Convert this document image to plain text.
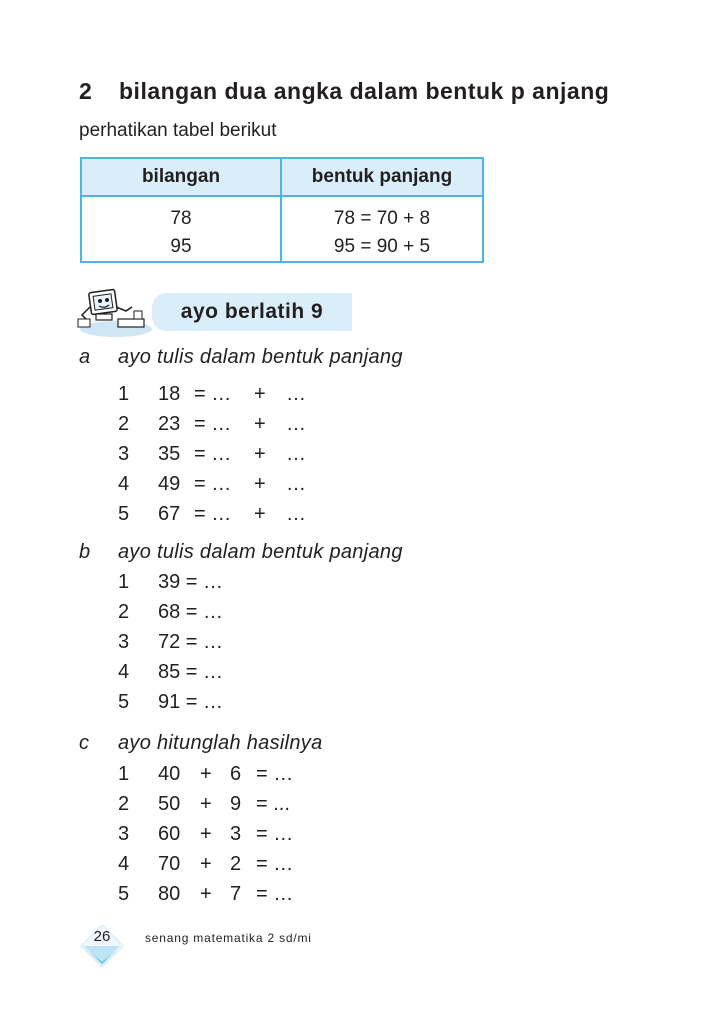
2 bilangan dua angka dalam bentuk p anjang
perhatikan tabel berikut
bilangan	bentuk panjang
78
95
78 = 70 + 8
95 = 90 + 5
ayo berlatih 9
a ayo tulis dalam bentuk panjang
1 18 = … + …
2 23 = … + …
3 35 = … + …
4 49 = … + …
5 67 = … + …
b ayo tulis dalam bentuk panjang
1 39 = …
2 68 = …
3 72 = …
4 85 = …
5 91 = …
c ayo hitunglah hasilnya
1 40 + 6 = …
2 50 + 9 = ...
3 60 + 3 = …
4 70 + 2 = …
5 80 + 7 = …
26	senang matematika 2 sd/mi
